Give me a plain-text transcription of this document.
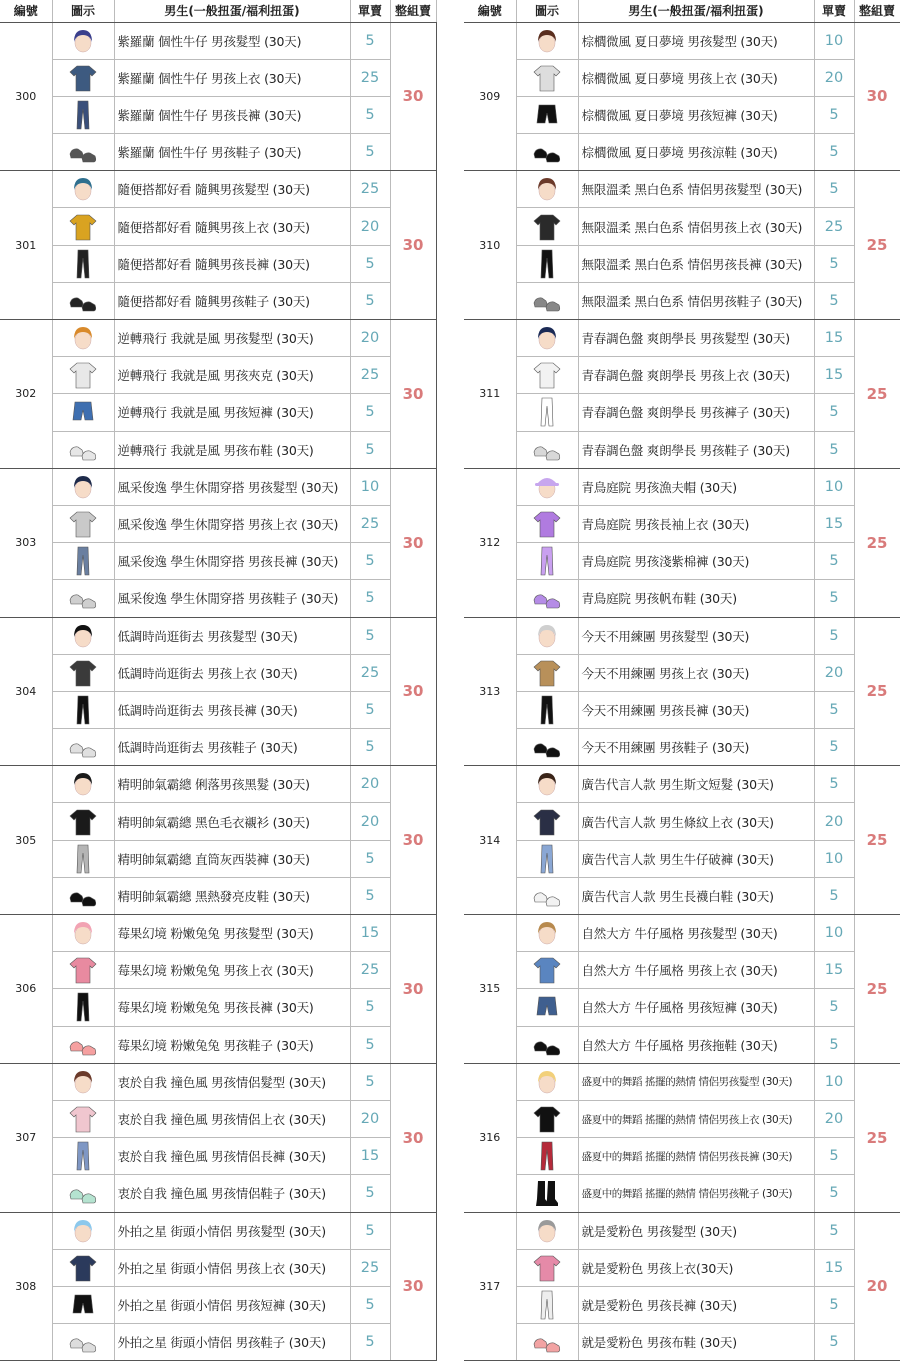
編號	圖示	男生(一般扭蛋/福利扭蛋)	單賣	整組賣
300		紫羅蘭 個性牛仔 男孩髮型 (30天)	5	30
	紫羅蘭 個性牛仔 男孩上衣 (30天)	25	
	紫羅蘭 個性牛仔 男孩長褲 (30天)	5	
	紫羅蘭 個性牛仔 男孩鞋子 (30天)	5	
301		隨便搭都好看 隨興男孩髮型 (30天)	25	30
	隨便搭都好看 隨興男孩上衣 (30天)	20	
	隨便搭都好看 隨興男孩長褲 (30天)	5	
	隨便搭都好看 隨興男孩鞋子 (30天)	5	
302		逆轉飛行 我就是風 男孩髮型 (30天)	20	30
	逆轉飛行 我就是風 男孩夾克 (30天)	25	
	逆轉飛行 我就是風 男孩短褲 (30天)	5	
	逆轉飛行 我就是風 男孩布鞋 (30天)	5	
303		風采俊逸 學生休閒穿搭 男孩髮型 (30天)	10	30
	風采俊逸 學生休閒穿搭 男孩上衣 (30天)	25	
	風采俊逸 學生休閒穿搭 男孩長褲 (30天)	5	
	風采俊逸 學生休閒穿搭 男孩鞋子 (30天)	5	
304		低調時尚逛街去 男孩髮型 (30天)	5	30
	低調時尚逛街去 男孩上衣 (30天)	25	
	低調時尚逛街去 男孩長褲 (30天)	5	
	低調時尚逛街去 男孩鞋子 (30天)	5	
305		精明帥氣霸總 俐落男孩黑髮 (30天)	20	30
	精明帥氣霸總 黑色毛衣襯衫 (30天)	20	
	精明帥氣霸總 直筒灰西裝褲 (30天)	5	
	精明帥氣霸總 黑熱發亮皮鞋 (30天)	5	
306		莓果幻境 粉嫩兔兔 男孩髮型 (30天)	15	30
	莓果幻境 粉嫩兔兔 男孩上衣 (30天)	25	
	莓果幻境 粉嫩兔兔 男孩長褲 (30天)	5	
	莓果幻境 粉嫩兔兔 男孩鞋子 (30天)	5	
307		衷於自我 撞色風 男孩情侶髮型 (30天)	5	30
	衷於自我 撞色風 男孩情侶上衣 (30天)	20	
	衷於自我 撞色風 男孩情侶長褲 (30天)	15	
	衷於自我 撞色風 男孩情侶鞋子 (30天)	5	
308		外拍之星 街頭小情侶 男孩髮型 (30天)	5	30
	外拍之星 街頭小情侶 男孩上衣 (30天)	25	
	外拍之星 街頭小情侶 男孩短褲 (30天)	5	
	外拍之星 街頭小情侶 男孩鞋子 (30天)	5	
編號	圖示	男生(一般扭蛋/福利扭蛋)	單賣	整組賣
309		棕櫚微風 夏日夢境 男孩髮型 (30天)	10	30
	棕櫚微風 夏日夢境 男孩上衣 (30天)	20	
	棕櫚微風 夏日夢境 男孩短褲 (30天)	5	
	棕櫚微風 夏日夢境 男孩涼鞋 (30天)	5	
310		無限溫柔 黑白色系 情侶男孩髮型 (30天)	5	25
	無限溫柔 黑白色系 情侶男孩上衣 (30天)	25	
	無限溫柔 黑白色系 情侶男孩長褲 (30天)	5	
	無限溫柔 黑白色系 情侶男孩鞋子 (30天)	5	
311		青春調色盤 爽朗學長 男孩髮型 (30天)	15	25
	青春調色盤 爽朗學長 男孩上衣 (30天)	15	
	青春調色盤 爽朗學長 男孩褲子 (30天)	5	
	青春調色盤 爽朗學長 男孩鞋子 (30天)	5	
312		青鳥庭院 男孩漁夫帽 (30天)	10	25
	青鳥庭院 男孩長袖上衣 (30天)	15	
	青鳥庭院 男孩淺紫棉褲 (30天)	5	
	青鳥庭院 男孩帆布鞋 (30天)	5	
313		今天不用練團 男孩髮型 (30天)	5	25
	今天不用練團 男孩上衣 (30天)	20	
	今天不用練團 男孩長褲 (30天)	5	
	今天不用練團 男孩鞋子 (30天)	5	
314		廣告代言人款 男生斯文短髮 (30天)	5	25
	廣告代言人款 男生條紋上衣 (30天)	20	
	廣告代言人款 男生牛仔破褲 (30天)	10	
	廣告代言人款 男生長襪白鞋 (30天)	5	
315		自然大方 牛仔風格 男孩髮型 (30天)	10	25
	自然大方 牛仔風格 男孩上衣 (30天)	15	
	自然大方 牛仔風格 男孩短褲 (30天)	5	
	自然大方 牛仔風格 男孩拖鞋 (30天)	5	
316		盛夏中的舞蹈 搖擺的熱情 情侶男孩髮型 (30天)	10	25
	盛夏中的舞蹈 搖擺的熱情 情侶男孩上衣 (30天)	20	
	盛夏中的舞蹈 搖擺的熱情 情侶男孩長褲 (30天)	5	
	盛夏中的舞蹈 搖擺的熱情 情侶男孩靴子 (30天)	5	
317		就是愛粉色 男孩髮型 (30天)	5	20
	就是愛粉色 男孩上衣(30天)	15	
	就是愛粉色 男孩長褲 (30天)	5	
	就是愛粉色 男孩布鞋 (30天)	5	
